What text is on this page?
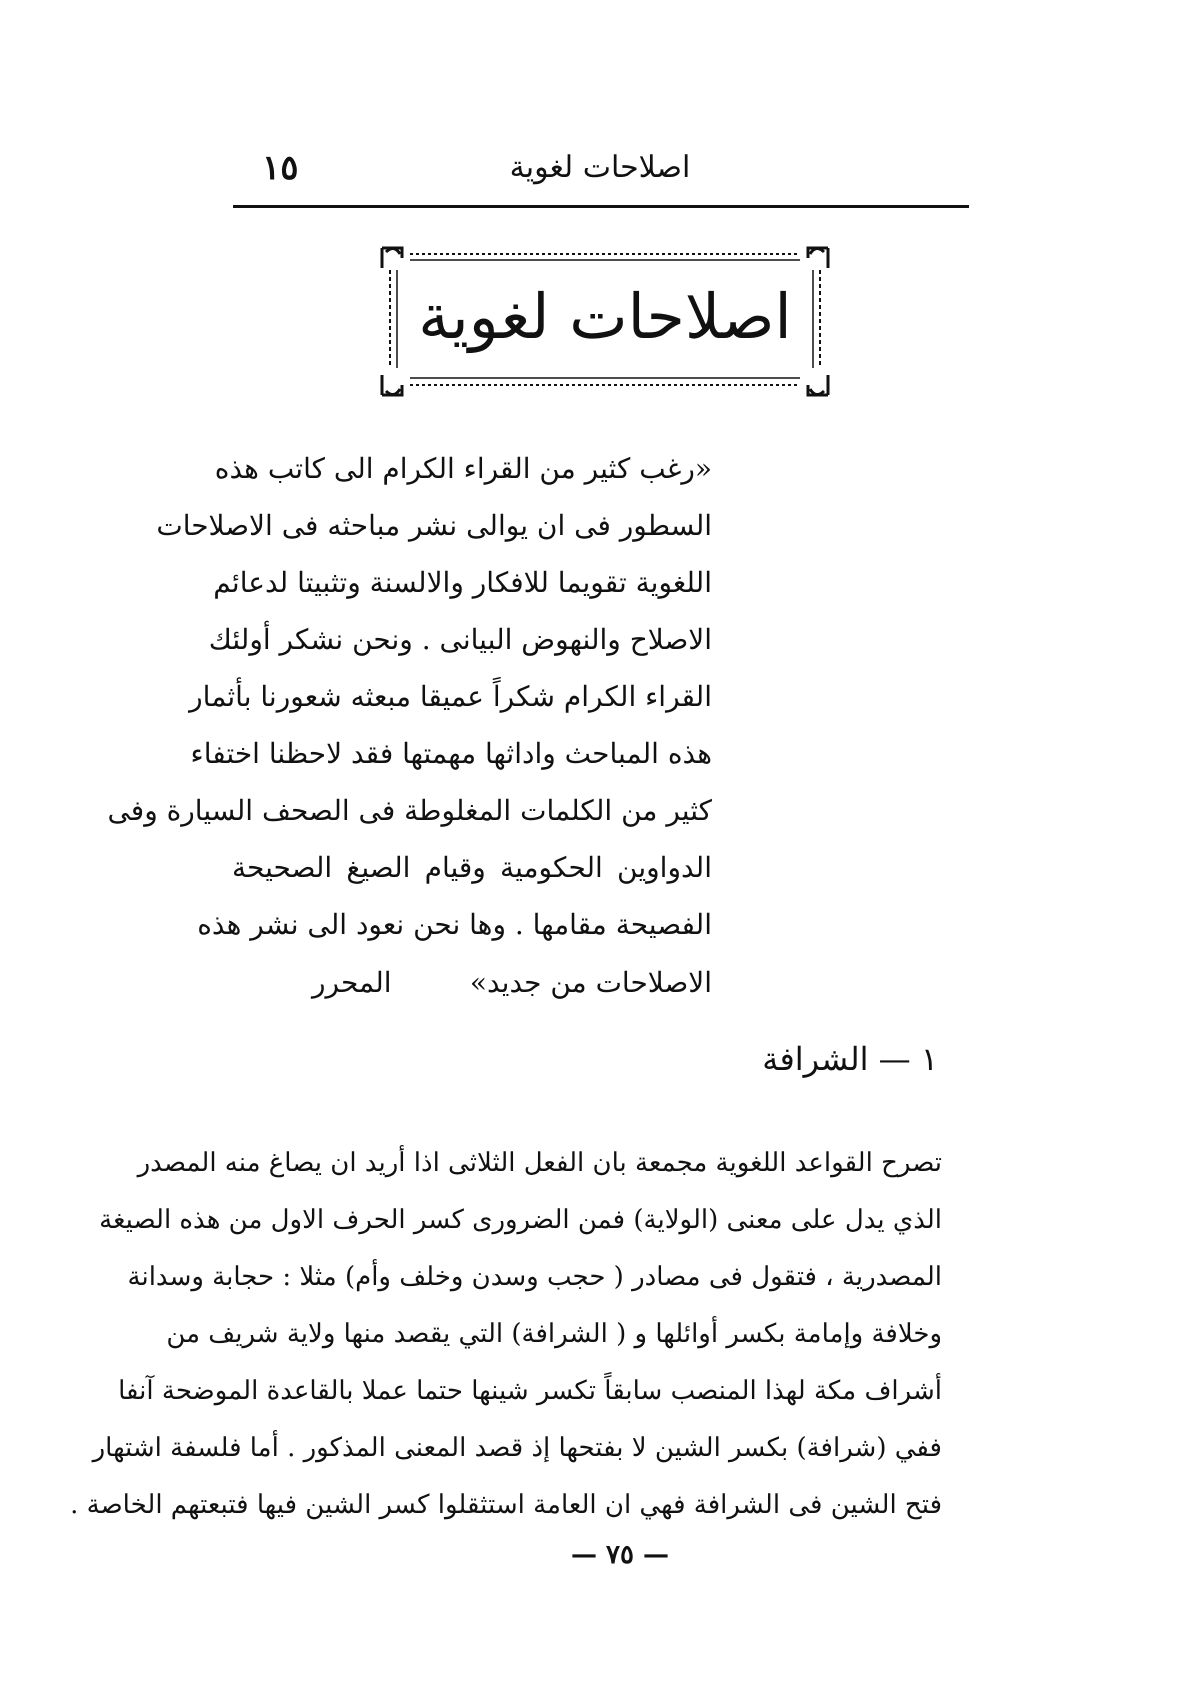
١٥	اصلاحات لغوية
اصلاحات لغوية
«رغب كثير من القراء الكرام الى كاتب هذه
السطور فى ان يوالى نشر مباحثه فى الاصلاحات
اللغوية تقويما للافكار والالسنة وتثبيتا لدعائم
الاصلاح والنهوض البيانى . ونحن نشكر أولئك
القراء الكرام شكراً عميقا مبعثه شعورنا بأثمار
هذه المباحث واداثها مهمتها فقد لاحظنا اختفاء
كثير من الكلمات المغلوطة فى الصحف السيارة وفى
الدواوين الحكومية وقيام الصيغ الصحيحة
الفصيحة مقامها . وها نحن نعود الى نشر هذه
الاصلاحات من جديد»
المحرر
١ — الشرافة
تصرح القواعد اللغوية مجمعة بان الفعل الثلاثى اذا أريد ان يصاغ منه المصدر
الذي يدل على معنى (الولاية) فمن الضرورى كسر الحرف الاول من هذه الصيغة
المصدرية ، فتقول فى مصادر ( حجب وسدن وخلف وأم) مثلا : حجابة وسدانة
وخلافة وإمامة بكسر أوائلها و ( الشرافة) التي يقصد منها ولاية شريف من
أشراف مكة لهذا المنصب سابقاً تكسر شينها حتما عملا بالقاعدة الموضحة آنفا
ففي (شرافة) بكسر الشين لا بفتحها إذ قصد المعنى المذكور . أما فلسفة اشتهار
فتح الشين فى الشرافة فهي ان العامة استثقلوا كسر الشين فيها فتبعتهم الخاصة .
— ٧٥ —
